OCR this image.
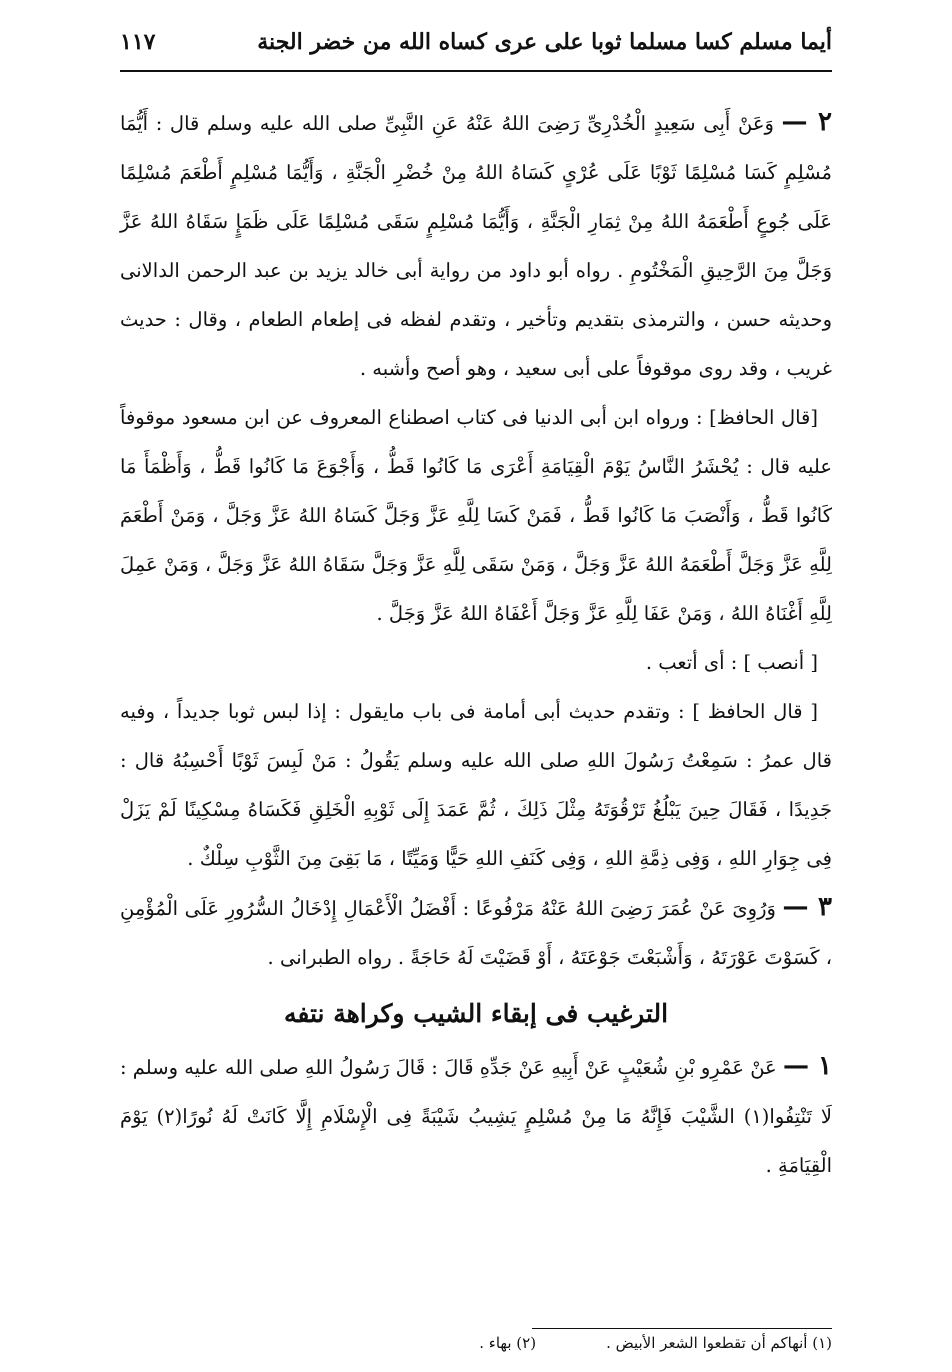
أيما مسلم كسا مسلما ثوبا على عرى كساه الله من خضر الجنة
١١٧

٢ — وَعَنْ أَبِى سَعِيدٍ الْخُدْرِىِّ رَضِىَ اللهُ عَنْهُ عَنِ النَّبِىِّ صلى الله عليه وسلم قال : أَيُّمَا مُسْلِمٍ كَسَا مُسْلِمًا ثَوْبًا عَلَى عُرْىٍ كَسَاهُ اللهُ مِنْ خُضْرِ الْجَنَّةِ ، وَأَيُّمَا مُسْلِمٍ أَطْعَمَ مُسْلِمًا عَلَى جُوعٍ أَطْعَمَهُ اللهُ مِنْ ثِمَارِ الْجَنَّةِ ، وَأَيُّمَا مُسْلِمٍ سَقَى مُسْلِمًا عَلَى ظَمَإٍ سَقَاهُ اللهُ عَزَّ وَجَلَّ مِنَ الرَّحِيقِ الْمَخْتُومِ . رواه أبو داود من رواية أبى خالد يزيد بن عبد الرحمن الدالانى وحديثه حسن ، والترمذى بتقديم وتأخير ، وتقدم لفظه فى إطعام الطعام ، وقال : حديث غريب ، وقد روى موقوفاً على أبى سعيد ، وهو أصح وأشبه .

[قال الحافظ] : ورواه ابن أبى الدنيا فى كتاب اصطناع المعروف عن ابن مسعود موقوفاً عليه قال : يُحْشَرُ النَّاسُ يَوْمَ الْقِيَامَةِ أَعْرَى مَا كَانُوا قَطُّ ، وَأَجْوَعَ مَا كَانُوا قَطُّ ، وَأَظْمَأَ مَا كَانُوا قَطُّ ، وَأَنْصَبَ مَا كَانُوا قَطُّ ، فَمَنْ كَسَا لِلَّهِ عَزَّ وَجَلَّ كَسَاهُ اللهُ عَزَّ وَجَلَّ ، وَمَنْ أَطْعَمَ لِلَّهِ عَزَّ وَجَلَّ أَطْعَمَهُ اللهُ عَزَّ وَجَلَّ ، وَمَنْ سَقَى لِلَّهِ عَزَّ وَجَلَّ سَقَاهُ اللهُ عَزَّ وَجَلَّ ، وَمَنْ عَمِلَ لِلَّهِ أَغْنَاهُ اللهُ ، وَمَنْ عَفَا لِلَّهِ عَزَّ وَجَلَّ أَعْفَاهُ اللهُ عَزَّ وَجَلَّ .

[ أنصب ] : أى أتعب .

[ قال الحافظ ] : وتقدم حديث أبى أمامة فى باب مايقول : إذا لبس ثوبا جديداً ، وفيه قال عمرُ : سَمِعْتُ رَسُولَ اللهِ صلى الله عليه وسلم يَقُولُ : مَنْ لَبِسَ ثَوْبًا أَحْسِبُهُ قال : جَدِيدًا ، فَقَالَ حِينَ يَبْلُغُ تَرْقُوَتَهُ مِثْلَ ذَلِكَ ، ثُمَّ عَمَدَ إِلَى ثَوْبِهِ الْخَلِقِ فَكَسَاهُ مِسْكِينًا لَمْ يَزَلْ فِى جِوَارِ اللهِ ، وَفِى ذِمَّةِ اللهِ ، وَفِى كَنَفِ اللهِ حَيًّا وَمَيِّتًا ، مَا بَقِىَ مِنَ الثَّوْبِ سِلْكٌ .

٣ — وَرُوِىَ عَنْ عُمَرَ رَضِىَ اللهُ عَنْهُ مَرْفُوعًا : أَفْضَلُ الْأَعْمَالِ إِدْخَالُ السُّرُورِ عَلَى الْمُؤْمِنِ ، كَسَوْتَ عَوْرَتَهُ ، وَأَشْبَعْتَ جَوْعَتَهُ ، أَوْ قَضَيْتَ لَهُ حَاجَةً . رواه الطبرانى .

الترغيب فى إبقاء الشيب وكراهة نتفه

١ — عَنْ عَمْرِو بْنِ شُعَيْبٍ عَنْ أَبِيهِ عَنْ جَدِّهِ قَالَ : قَالَ رَسُولُ اللهِ صلى الله عليه وسلم : لَا تَنْتِفُوا(١) الشَّيْبَ فَإِنَّهُ مَا مِنْ مُسْلِمٍ يَشِيبُ شَيْبَةً فِى الْإِسْلَامِ إِلَّا كَانَتْ لَهُ نُورًا(٢) يَوْمَ الْقِيَامَةِ .

(١) أنهاكم أن تقطعوا الشعر الأبيض .
(٢) بهاء .
